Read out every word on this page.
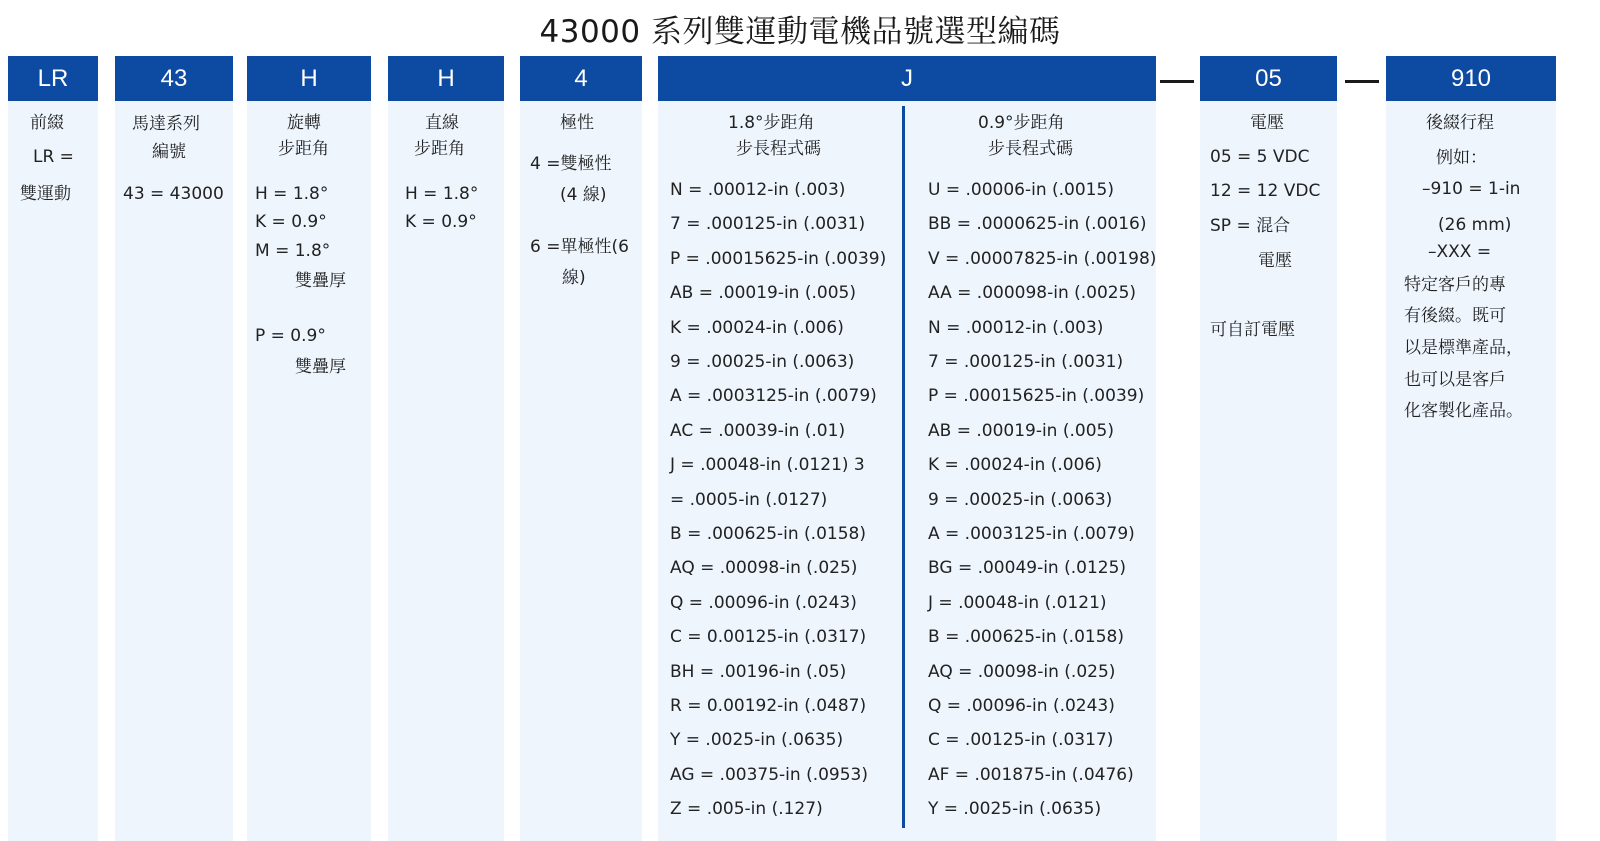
43000 系列雙運動電機品號選型編碼
LR
前綴
LR =
雙運動
43
馬達系列
編號
43 = 43000
H
旋轉
步距角
H = 1.8°
K = 0.9°
M = 1.8°
雙疊厚
P = 0.9°
雙疊厚
H
直線
步距角
H = 1.8°
K = 0.9°
4
極性
4 =雙極性
(4 線)
6 =單極性(6
線)
J
1.8°步距角
步長程式碼
0.9°步距角
步長程式碼
N = .00012-in (.003)
7 = .000125-in (.0031)
P = .00015625-in (.0039)
AB = .00019-in (.005)
K = .00024-in (.006)
9 = .00025-in (.0063)
A = .0003125-in (.0079)
AC = .00039-in (.01)
J = .00048-in (.0121) 3
= .0005-in (.0127)
B = .000625-in (.0158)
AQ = .00098-in (.025)
Q = .00096-in (.0243)
C = 0.00125-in (.0317)
BH = .00196-in (.05)
R = 0.00192-in (.0487)
Y = .0025-in (.0635)
AG = .00375-in (.0953)
Z = .005-in (.127)
U = .00006-in (.0015)
BB = .0000625-in (.0016)
V = .00007825-in (.00198)
AA = .000098-in (.0025)
N = .00012-in (.003)
7 = .000125-in (.0031)
P = .00015625-in (.0039)
AB = .00019-in (.005)
K = .00024-in (.006)
9 = .00025-in (.0063)
A = .0003125-in (.0079)
BG = .00049-in (.0125)
J = .00048-in (.0121)
B = .000625-in (.0158)
AQ = .00098-in (.025)
Q = .00096-in (.0243)
C = .00125-in (.0317)
AF = .001875-in (.0476)
Y = .0025-in (.0635)
05
電壓
05 = 5 VDC
12 = 12 VDC
SP = 混合
電壓
可自訂電壓
910
後綴行程
例如：
–910 = 1-in
(26 mm)
–XXX =
特定客戶的專
有後綴。既可
以是標準產品，
也可以是客戶
化客製化產品。
